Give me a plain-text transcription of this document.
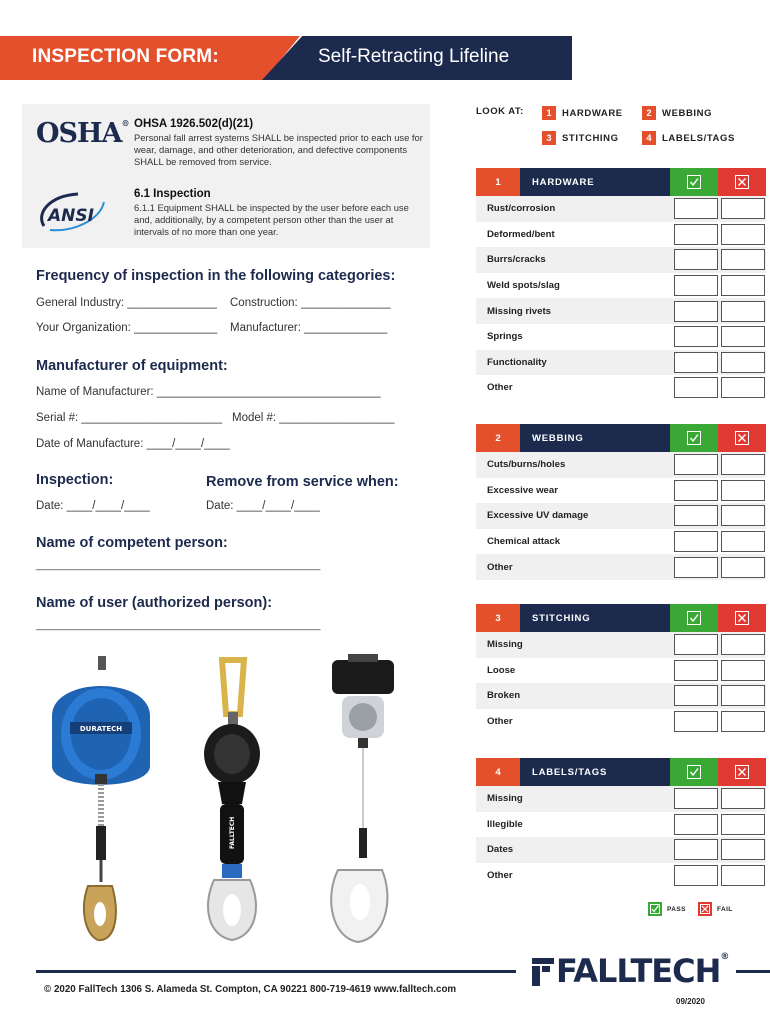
INSPECTION FORM:	Self-Retracting Lifeline
OSHA® OHSA 1926.502(d)(21)
Personal fall arrest systems SHALL be inspected prior to each use for wear, damage, and other deterioration, and defective components SHALL be removed from service.
ANSI
6.1 Inspection
6.1.1 Equipment SHALL be inspected by the user before each use and, additionally, by a competent person other than the user at intervals of no more than one year.
Frequency of inspection in the following categories:
General Industry: ______________ Construction: ______________
Your Organization: _____________ Manufacturer: _____________
Manufacturer of equipment:
Name of Manufacturer: ___________________________________
Serial #: ______________________ Model #: __________________
Date of Manufacture: ____/____/____
Inspection:	Remove from service when:
Date: ____/____/____	Date: ____/____/____
Name of competent person:
______________________________________________________
Name of user (authorized person):
______________________________________________________
DURATECH
FALLTECH
LOOK AT:	1	HARDWARE	2	WEBBING
3	STITCHING	4	LABELS/TAGS
1	HARDWARE
Rust/corrosion
Deformed/bent
Burrs/cracks
Weld spots/slag
Missing rivets
Springs
Functionality
Other
2	WEBBING
Cuts/burns/holes
Excessive wear
Excessive UV damage
Chemical attack
Other
3	STITCHING
Missing
Loose
Broken
Other
4	LABELS/TAGS
Missing
Illegible
Dates
Other
PASS	FAIL
© 2020 FallTech 1306 S. Alameda St. Compton, CA 90221 800-719-4619 www.falltech.com	FALLTECH®
09/2020
